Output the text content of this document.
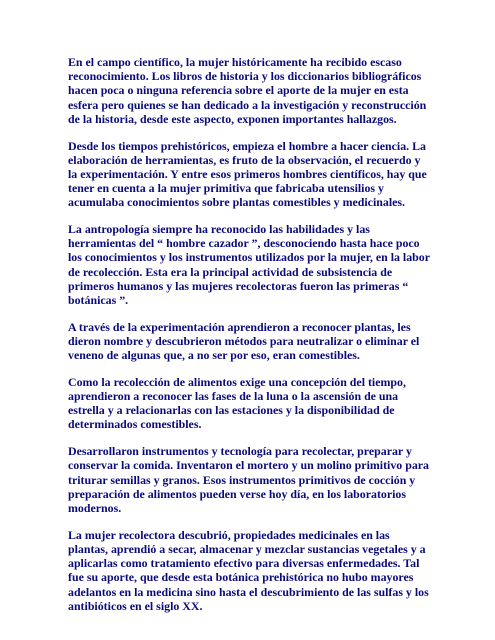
En el campo científico, la mujer históricamente ha recibido escaso reconocimiento. Los libros de historia y los diccionarios bibliográficos hacen poca o ninguna referencia sobre el aporte de la mujer en esta esfera pero quienes se han dedicado a la investigación y reconstrucción de la historia, desde este aspecto, exponen importantes hallazgos.

Desde los tiempos prehistóricos, empieza el hombre a hacer ciencia. La elaboración de herramientas, es fruto de la observación, el recuerdo y la experimentación. Y entre esos primeros hombres científicos, hay que tener en cuenta a la mujer primitiva que fabricaba utensilios y acumulaba conocimientos sobre plantas comestibles y medicinales.

La antropología siempre ha reconocido las habilidades y las herramientas del “ hombre cazador ”, desconociendo hasta hace poco los conocimientos y los instrumentos utilizados por la mujer, en la labor de recolección. Esta era la principal actividad de subsistencia de primeros humanos y las mujeres recolectoras fueron las primeras “ botánicas ”.

A través de la experimentación aprendieron a reconocer plantas, les dieron nombre y descubrieron métodos para neutralizar o eliminar el veneno de algunas que, a no ser por eso, eran comestibles.

Como la recolección de alimentos exige una concepción del tiempo, aprendieron a reconocer las fases de la luna o la ascensión de una estrella y a relacionarlas con las estaciones y la disponibilidad de determinados comestibles.

Desarrollaron instrumentos y tecnología para recolectar, preparar y conservar la comida. Inventaron el mortero y un molino primitivo para triturar semillas y granos. Esos instrumentos primitivos de cocción y preparación de alimentos pueden verse hoy día, en los laboratorios modernos.

La mujer recolectora descubrió, propiedades medicinales en las plantas, aprendió a secar, almacenar y mezclar sustancias vegetales y a aplicarlas como tratamiento efectivo para diversas enfermedades. Tal fue su aporte, que desde esta botánica prehistórica no hubo mayores adelantos en la medicina sino hasta el descubrimiento de las sulfas y los antibióticos en el siglo XX.
